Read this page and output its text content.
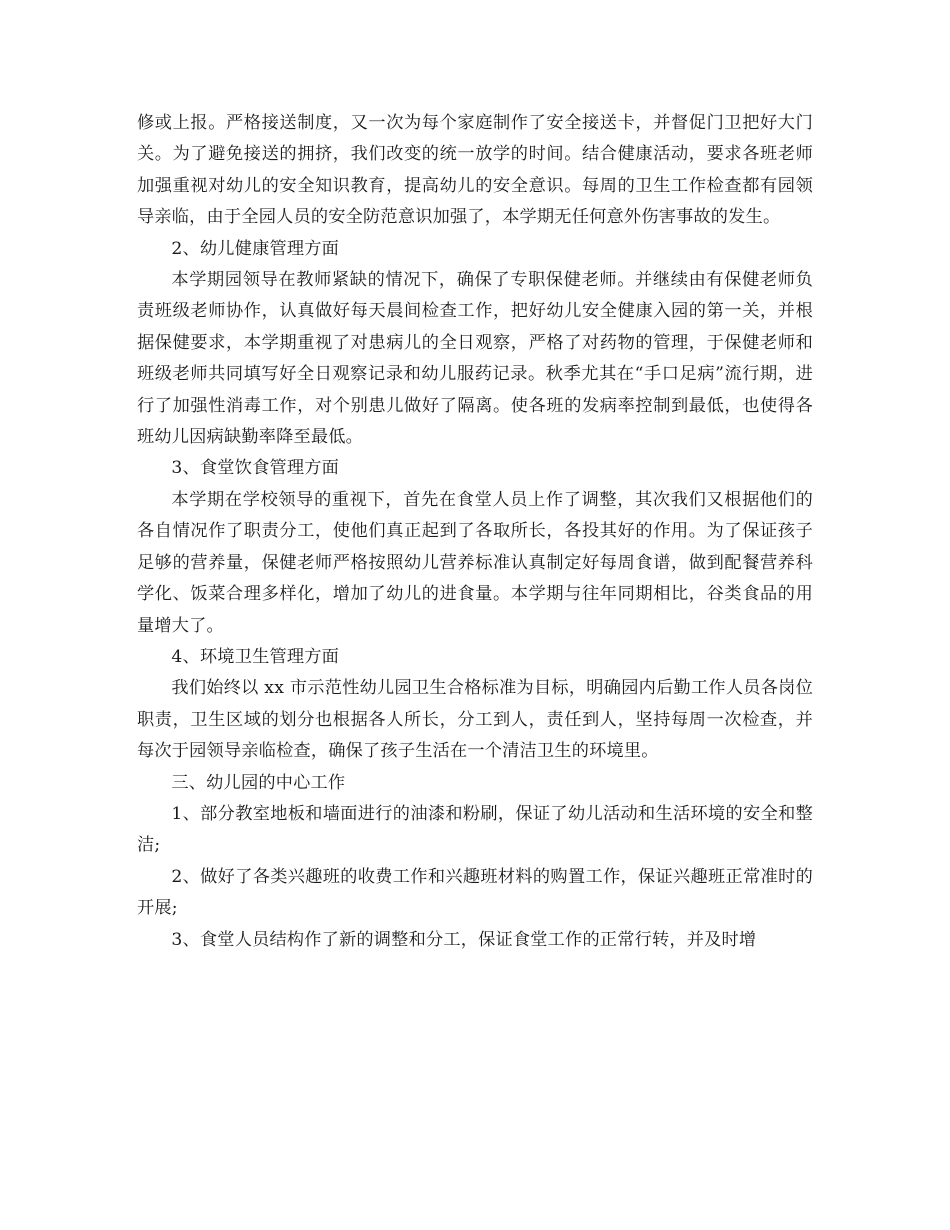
修或上报。严格接送制度，又一次为每个家庭制作了安全接送卡，并督促门卫把好大门关。为了避免接送的拥挤，我们改变的统一放学的时间。结合健康活动，要求各班老师加强重视对幼儿的安全知识教育，提高幼儿的安全意识。每周的卫生工作检查都有园领导亲临，由于全园人员的安全防范意识加强了，本学期无任何意外伤害事故的发生。

2、幼儿健康管理方面

本学期园领导在教师紧缺的情况下，确保了专职保健老师。并继续由有保健老师负责班级老师协作，认真做好每天晨间检查工作，把好幼儿安全健康入园的第一关，并根据保健要求，本学期重视了对患病儿的全日观察，严格了对药物的管理，于保健老师和班级老师共同填写好全日观察记录和幼儿服药记录。秋季尤其在“手口足病”流行期，进行了加强性消毒工作，对个别患儿做好了隔离。使各班的发病率控制到最低，也使得各班幼儿因病缺勤率降至最低。

3、食堂饮食管理方面

本学期在学校领导的重视下，首先在食堂人员上作了调整，其次我们又根据他们的各自情况作了职责分工，使他们真正起到了各取所长，各投其好的作用。为了保证孩子足够的营养量，保健老师严格按照幼儿营养标准认真制定好每周食谱，做到配餐营养科学化、饭菜合理多样化，增加了幼儿的进食量。本学期与往年同期相比，谷类食品的用量增大了。

4、环境卫生管理方面

我们始终以 xx 市示范性幼儿园卫生合格标准为目标，明确园内后勤工作人员各岗位职责，卫生区域的划分也根据各人所长，分工到人，责任到人，坚持每周一次检查，并每次于园领导亲临检查，确保了孩子生活在一个清洁卫生的环境里。

三、幼儿园的中心工作

1、部分教室地板和墙面进行的油漆和粉刷，保证了幼儿活动和生活环境的安全和整洁;

2、做好了各类兴趣班的收费工作和兴趣班材料的购置工作，保证兴趣班正常准时的开展;

3、食堂人员结构作了新的调整和分工，保证食堂工作的正常行转，并及时增
